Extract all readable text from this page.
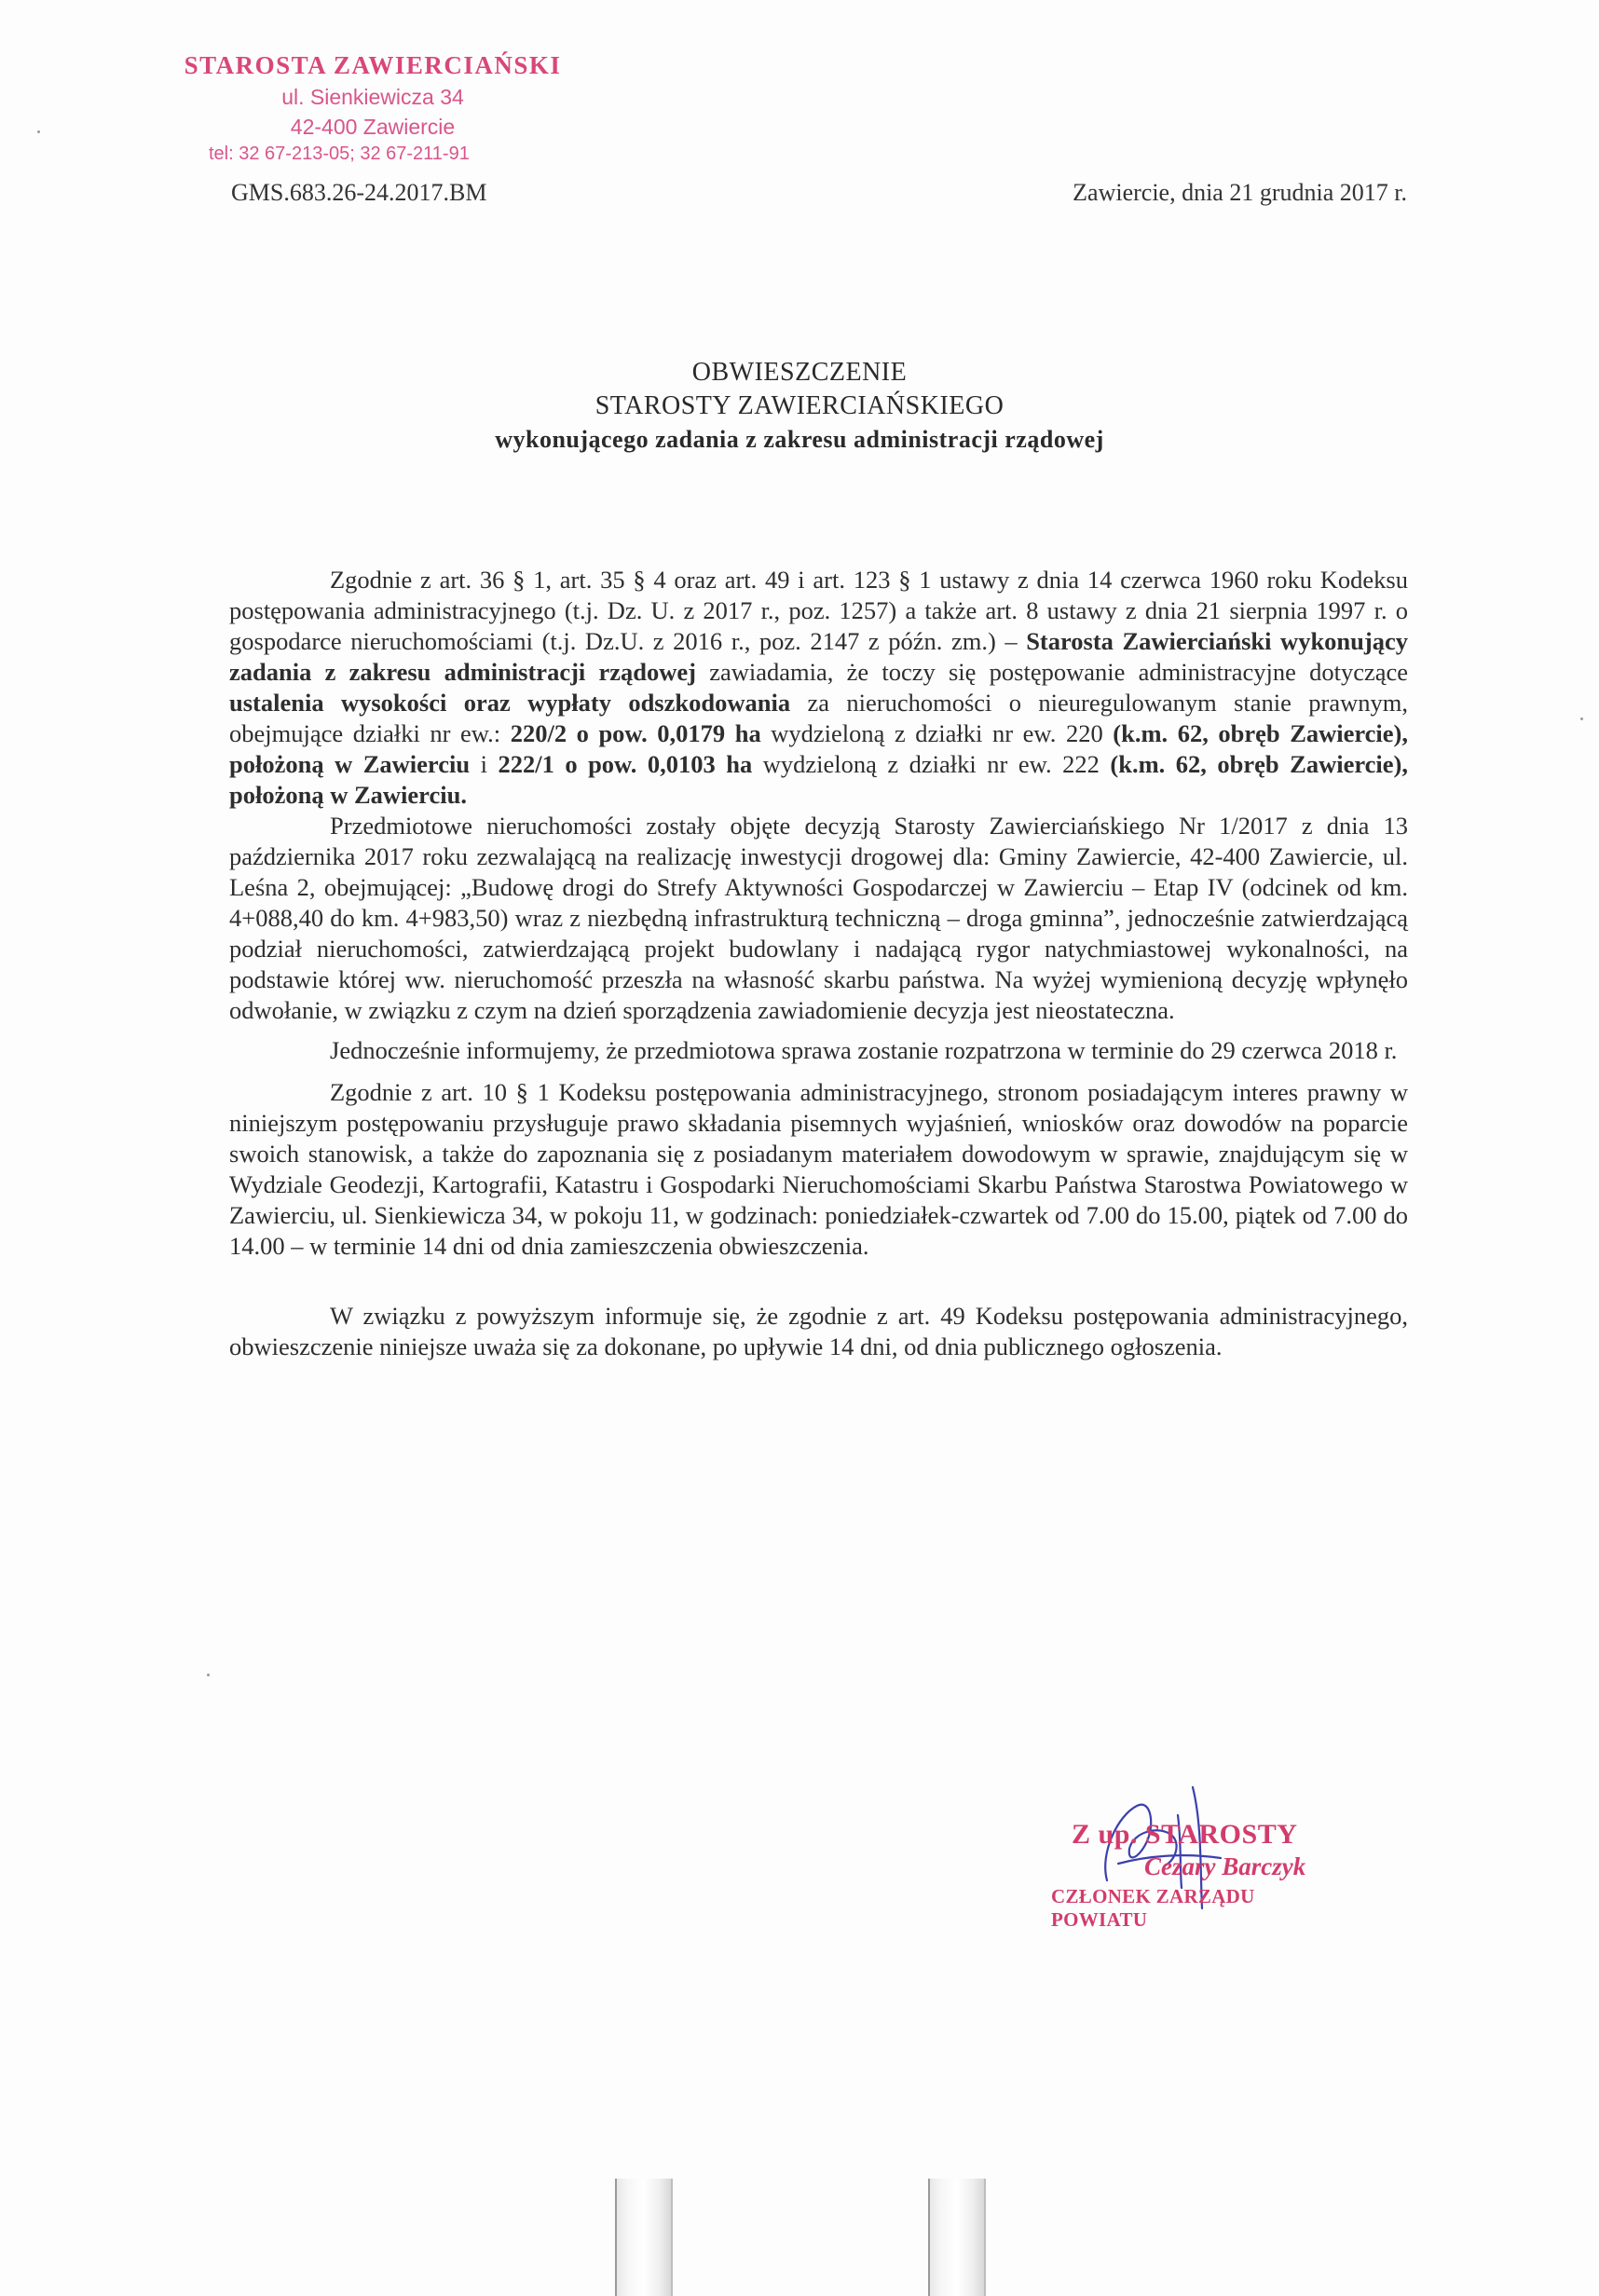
STAROSTA ZAWIERCIAŃSKI
ul. Sienkiewicza 34
42-400 Zawiercie
tel: 32 67-213-05; 32 67-211-91
GMS.683.26-24.2017.BM	Zawiercie, dnia 21 grudnia 2017 r.
OBWIESZCZENIE
STAROSTY ZAWIERCIAŃSKIEGO
wykonującego zadania z zakresu administracji rządowej

Zgodnie z art. 36 § 1, art. 35 § 4 oraz art. 49 i art. 123 § 1 ustawy z dnia 14 czerwca 1960 roku Kodeksu postępowania administracyjnego (t.j. Dz. U. z 2017 r., poz. 1257) a także art. 8 ustawy z dnia 21 sierpnia 1997 r. o gospodarce nieruchomościami (t.j. Dz.U. z 2016 r., poz. 2147 z późn. zm.) – Starosta Zawierciański wykonujący zadania z zakresu administracji rządowej zawiadamia, że toczy się postępowanie administracyjne dotyczące ustalenia wysokości oraz wypłaty odszkodowania za nieruchomości o nieuregulowanym stanie prawnym, obejmujące działki nr ew.: 220/2 o pow. 0,0179 ha wydzieloną z działki nr ew. 220 (k.m. 62, obręb Zawiercie), położoną w Zawierciu i 222/1 o pow. 0,0103 ha wydzieloną z działki nr ew. 222 (k.m. 62, obręb Zawiercie), położoną w Zawierciu.

Przedmiotowe nieruchomości zostały objęte decyzją Starosty Zawierciańskiego Nr 1/2017 z dnia 13 października 2017 roku zezwalającą na realizację inwestycji drogowej dla: Gminy Zawiercie, 42-400 Zawiercie, ul. Leśna 2, obejmującej: „Budowę drogi do Strefy Aktywności Gospodarczej w Zawierciu – Etap IV (odcinek od km. 4+088,40 do km. 4+983,50) wraz z niezbędną infrastrukturą techniczną – droga gminna”, jednocześnie zatwierdzającą podział nieruchomości, zatwierdzającą projekt budowlany i nadającą rygor natychmiastowej wykonalności, na podstawie której ww. nieruchomość przeszła na własność skarbu państwa. Na wyżej wymienioną decyzję wpłynęło odwołanie, w związku z czym na dzień sporządzenia zawiadomienie decyzja jest nieostateczna.

Jednocześnie informujemy, że przedmiotowa sprawa zostanie rozpatrzona w terminie do 29 czerwca 2018 r.

Zgodnie z art. 10 § 1 Kodeksu postępowania administracyjnego, stronom posiadającym interes prawny w niniejszym postępowaniu przysługuje prawo składania pisemnych wyjaśnień, wniosków oraz dowodów na poparcie swoich stanowisk, a także do zapoznania się z posiadanym materiałem dowodowym w sprawie, znajdującym się w Wydziale Geodezji, Kartografii, Katastru i Gospodarki Nieruchomościami Skarbu Państwa Starostwa Powiatowego w Zawierciu, ul. Sienkiewicza 34, w pokoju 11, w godzinach: poniedziałek-czwartek od 7.00 do 15.00, piątek od 7.00 do 14.00 – w terminie 14 dni od dnia zamieszczenia obwieszczenia.

W związku z powyższym informuje się, że zgodnie z art. 49 Kodeksu postępowania administracyjnego, obwieszczenie niniejsze uważa się za dokonane, po upływie 14 dni, od dnia publicznego ogłoszenia.

Z up. STAROSTY
Cezary Barczyk
CZŁONEK ZARZĄDU POWIATU
